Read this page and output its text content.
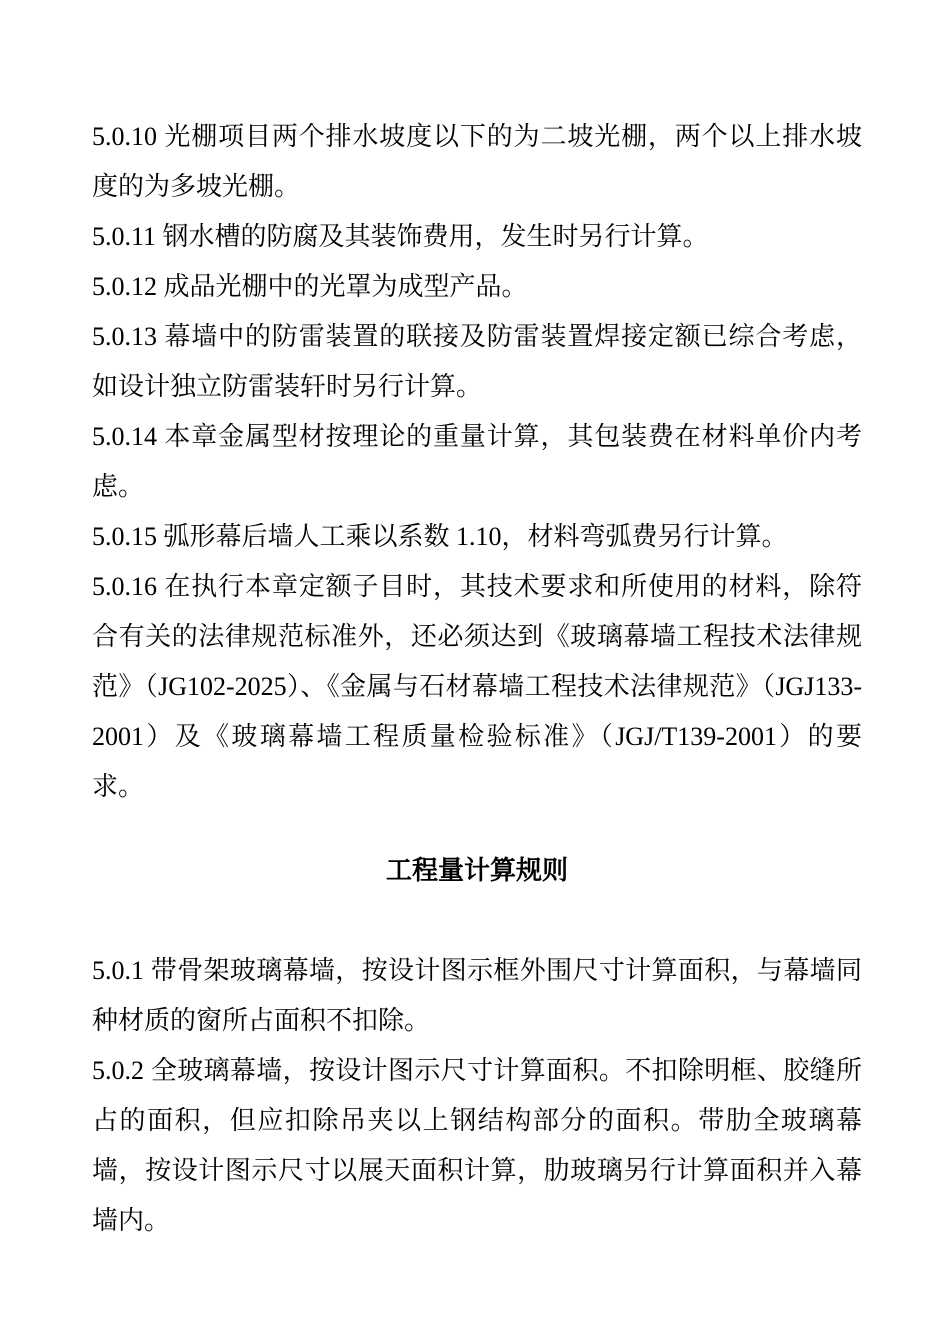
5.0.10 光棚项目两个排水坡度以下的为二坡光棚，两个以上排水坡度的为多坡光棚。

5.0.11 钢水槽的防腐及其装饰费用，发生时另行计算。

5.0.12 成品光棚中的光罩为成型产品。

5.0.13 幕墙中的防雷装置的联接及防雷装置焊接定额已综合考虑，如设计独立防雷装轩时另行计算。

5.0.14 本章金属型材按理论的重量计算，其包装费在材料单价内考虑。

5.0.15 弧形幕后墙人工乘以系数 1.10，材料弯弧费另行计算。

5.0.16 在执行本章定额子目时，其技术要求和所使用的材料，除符合有关的法律规范标准外，还必须达到《玻璃幕墙工程技术法律规范》（JG102-2025）、《金属与石材幕墙工程技术法律规范》（JGJ133-2001）及《玻璃幕墙工程质量检验标准》（JGJ/T139-2001）的要求。

工程量计算规则

5.0.1 带骨架玻璃幕墙，按设计图示框外围尺寸计算面积，与幕墙同种材质的窗所占面积不扣除。

5.0.2 全玻璃幕墙，按设计图示尺寸计算面积。不扣除明框、胶缝所占的面积，但应扣除吊夹以上钢结构部分的面积。带肋全玻璃幕墙，按设计图示尺寸以展天面积计算，肋玻璃另行计算面积并入幕墙内。
